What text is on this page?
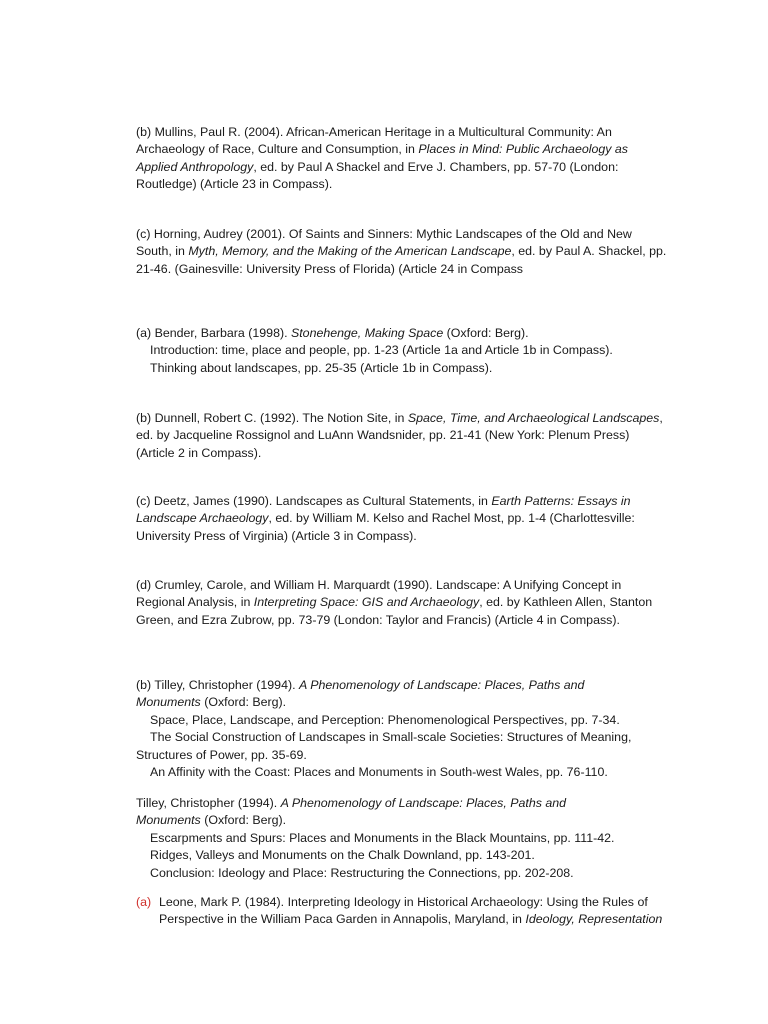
(b) Mullins, Paul R. (2004). African-American Heritage in a Multicultural Community: An
Archaeology of Race, Culture and Consumption, in Places in Mind: Public Archaeology as
Applied Anthropology, ed. by Paul A Shackel and Erve J. Chambers, pp. 57-70 (London:
Routledge) (Article 23 in Compass).
(c) Horning, Audrey (2001). Of Saints and Sinners: Mythic Landscapes of the Old and New
South, in Myth, Memory, and the Making of the American Landscape, ed. by Paul A. Shackel, pp.
21-46. (Gainesville: University Press of Florida) (Article 24 in Compass
(a) Bender, Barbara (1998). Stonehenge, Making Space (Oxford: Berg).
Introduction: time, place and people, pp. 1-23 (Article 1a and Article 1b in Compass).
Thinking about landscapes, pp. 25-35 (Article 1b in Compass).
(b) Dunnell, Robert C. (1992). The Notion Site, in Space, Time, and Archaeological Landscapes,
ed. by Jacqueline Rossignol and LuAnn Wandsnider, pp. 21-41 (New York: Plenum Press)
(Article 2 in Compass).
(c) Deetz, James (1990). Landscapes as Cultural Statements, in Earth Patterns: Essays in
Landscape Archaeology, ed. by William M. Kelso and Rachel Most, pp. 1-4 (Charlottesville:
University Press of Virginia) (Article 3 in Compass).
(d) Crumley, Carole, and William H. Marquardt (1990). Landscape: A Unifying Concept in
Regional Analysis, in Interpreting Space: GIS and Archaeology, ed. by Kathleen Allen, Stanton
Green, and Ezra Zubrow, pp. 73-79 (London: Taylor and Francis) (Article 4 in Compass).
(b) Tilley, Christopher (1994). A Phenomenology of Landscape: Places, Paths and
Monuments (Oxford: Berg).
Space, Place, Landscape, and Perception: Phenomenological Perspectives, pp. 7-34.
The Social Construction of Landscapes in Small-scale Societies: Structures of Meaning,
Structures of Power, pp. 35-69.
An Affinity with the Coast: Places and Monuments in South-west Wales, pp. 76-110.
Tilley, Christopher (1994). A Phenomenology of Landscape: Places, Paths and
Monuments (Oxford: Berg).
Escarpments and Spurs: Places and Monuments in the Black Mountains, pp. 111-42.
Ridges, Valleys and Monuments on the Chalk Downland, pp. 143-201.
Conclusion: Ideology and Place: Restructuring the Connections, pp. 202-208.
(a) Leone, Mark P. (1984). Interpreting Ideology in Historical Archaeology: Using the Rules of
Perspective in the William Paca Garden in Annapolis, Maryland, in Ideology, Representation
